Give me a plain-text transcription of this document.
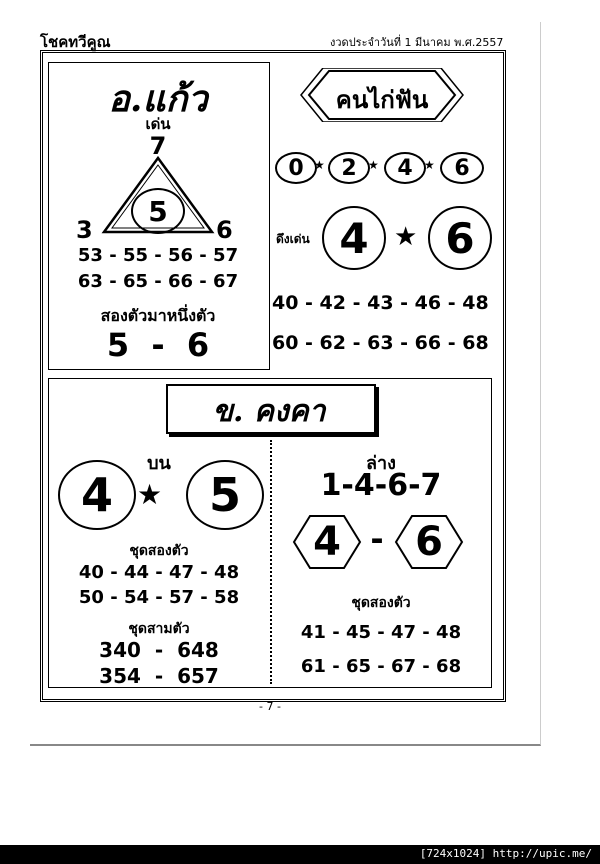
โชคทวีคูณ	งวดประจำวันที่ 1 มีนาคม พ.ศ.2557
อ.แก้ว
เด่น
7
5
3	6
53 - 55 - 56 - 57
63 - 65 - 66 - 67
สองตัวมาหนึ่งตัว
5  -  6
คนไก่ฟัน
0 ★ 2 ★ 4 ★ 6
ดึงเด่น 4 ★ 6
40 - 42 - 43 - 46 - 48
60 - 62 - 63 - 66 - 68
ข. คงคา
บน
4 ★ 5
ชุดสองตัว
40 - 44 - 47 - 48
50 - 54 - 57 - 58
ชุดสามตัว
340  -  648
354  -  657
ล่าง
1-4-6-7
4 - 6
ชุดสองตัว
41 - 45 - 47 - 48
61 - 65 - 67 - 68
- 7 -
[724x1024] http://upic.me/
